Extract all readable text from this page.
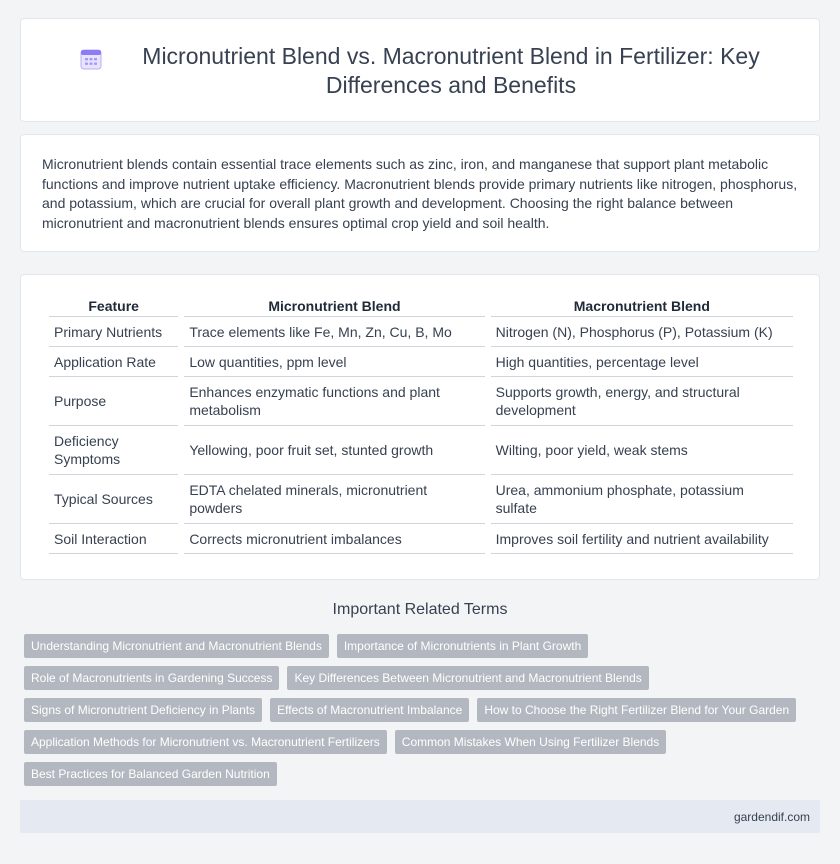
Micronutrient Blend vs. Macronutrient Blend in Fertilizer: Key Differences and Benefits

Micronutrient blends contain essential trace elements such as zinc, iron, and manganese that support plant metabolic functions and improve nutrient uptake efficiency. Macronutrient blends provide primary nutrients like nitrogen, phosphorus, and potassium, which are crucial for overall plant growth and development. Choosing the right balance between micronutrient and macronutrient blends ensures optimal crop yield and soil health.

Feature	Micronutrient Blend	Macronutrient Blend
Primary Nutrients	Trace elements like Fe, Mn, Zn, Cu, B, Mo	Nitrogen (N), Phosphorus (P), Potassium (K)
Application Rate	Low quantities, ppm level	High quantities, percentage level
Purpose	Enhances enzymatic functions and plant metabolism	Supports growth, energy, and structural development
Deficiency Symptoms	Yellowing, poor fruit set, stunted growth	Wilting, poor yield, weak stems
Typical Sources	EDTA chelated minerals, micronutrient powders	Urea, ammonium phosphate, potassium sulfate
Soil Interaction	Corrects micronutrient imbalances	Improves soil fertility and nutrient availability
Important Related Terms
Understanding Micronutrient and Macronutrient Blends	Importance of Micronutrients in Plant Growth
Role of Macronutrients in Gardening Success	Key Differences Between Micronutrient and Macronutrient Blends
Signs of Micronutrient Deficiency in Plants	Effects of Macronutrient Imbalance	How to Choose the Right Fertilizer Blend for Your Garden
Application Methods for Micronutrient vs. Macronutrient Fertilizers	Common Mistakes When Using Fertilizer Blends
Best Practices for Balanced Garden Nutrition
gardendif.com
